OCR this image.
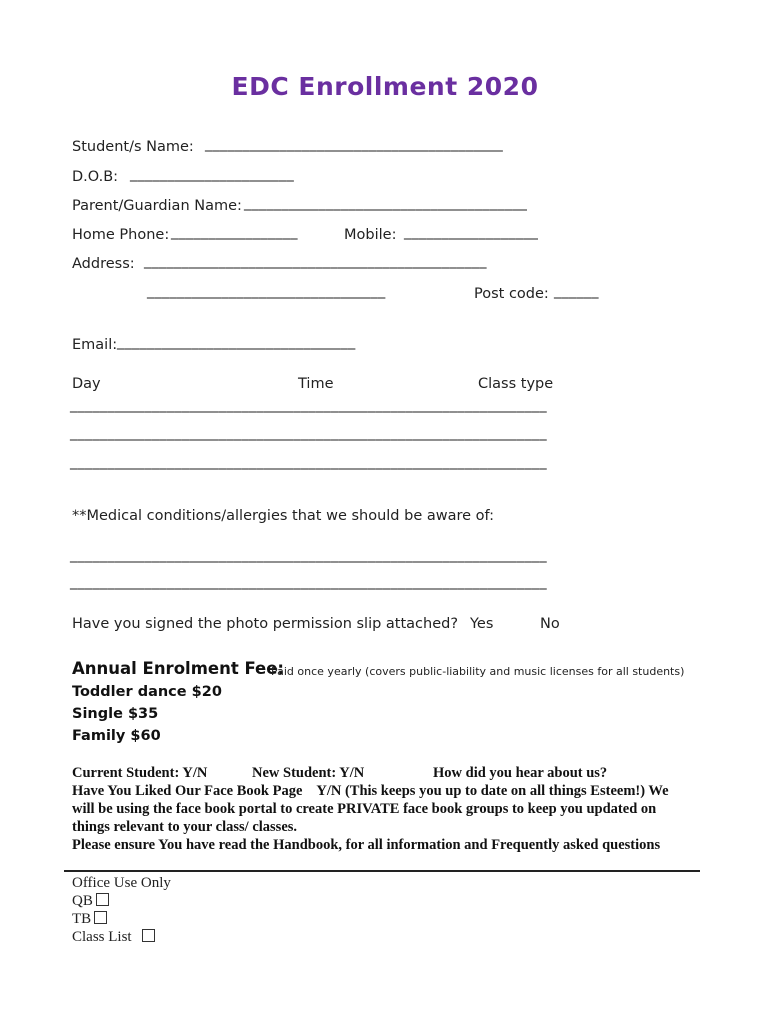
EDC Enrollment 2020
Student/s Name: ________________________________________
D.O.B: ______________________
Parent/Guardian Name: ______________________________________
Home Phone: _________________	Mobile: __________________
Address: ______________________________________________
________________________________	Post code: ______
Email: ________________________________
Day	Time	Class type
________________________________________________________________
________________________________________________________________
________________________________________________________________
**Medical conditions/allergies that we should be aware of:
________________________________________________________________
________________________________________________________________
Have you signed the photo permission slip attached? Yes	No
Annual Enrolment Fee:
Paid once yearly (covers public-liability and music licenses for all students)
Toddler dance $20
Single $35
Family $60
Current Student: Y/N	New Student: Y/N	How did you hear about us?
Have You Liked Our Face Book Page    Y/N (This keeps you up to date on all things Esteem!) We
will be using the face book portal to create PRIVATE face book groups to keep you updated on
things relevant to your class/ classes.
Please ensure You have read the Handbook, for all information and Frequently asked questions
Office Use Only
QB
TB
Class List
